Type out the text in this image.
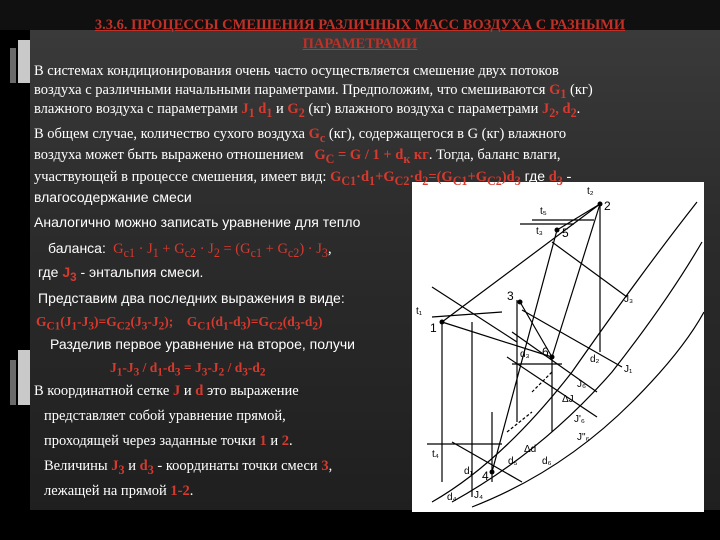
3.3.6. ПРОЦЕССЫ СМЕШЕНИЯ РАЗЛИЧНЫХ МАСС ВОЗДУХА С РАЗНЫМИ
ПАРАМЕТРАМИ
t₂
2
t₅
t₃
t₁
1
J₃
d₃	d₂
J₁
5
3
6
J₆
ΔJ
J'₆
J"₆
Δd
d₅ d₆
d₁
t₄
4
d₄ J₄
В системах кондиционирования очень часто осуществляется смешение двух потоков
воздуха с различными начальными параметрами. Предположим, что смешиваются $G_1$ (кг)
влажного воздуха с параметрами $J_1$ $d_1$ и $G_2$ (кг) влажного воздуха с параметрами $J_2$, $d_2$.
В общем случае, количество сухого воздуха $G_c$ (кг), содержащегося в G (кг) влажного
воздуха может быть выражено отношением $G_C = G / 1 + d_к$ кг. Тогда, баланс влаги,
участвующей в процессе смешения, имеет вид: $G_{C1}\cdot d_1+G_{C2}\cdot d_2=(G_{C1}+G_{C2})d_3$ где $d_3$ -
влагосодержание смеси
Аналогично можно записать уравнение для тепло
баланса: $G_{c1} \cdot J_1 + G_{c2} \cdot J_2 = (G_{c1} + G_{c2}) \cdot J_3$,
где $J_3$ - энтальпия смеси.
Представим два последних выражения в виде:
$G_{C1}(J_1-J_3)=G_{C2}(J_3-J_2)$; $G_{C1}(d_1-d_3)=G_{C2}(d_3-d_2)$
Разделив первое уравнение на второе, получи
$J_1-J_3 / d_1-d_3 = J_3-J_2 / d_3-d_2$
В координатной сетке J и d это выражение
представляет собой уравнение прямой,
проходящей через заданные точки 1 и 2.
Величины $J_3$ и $d_3$ - координаты точки смеси 3,
лежащей на прямой 1-2.
